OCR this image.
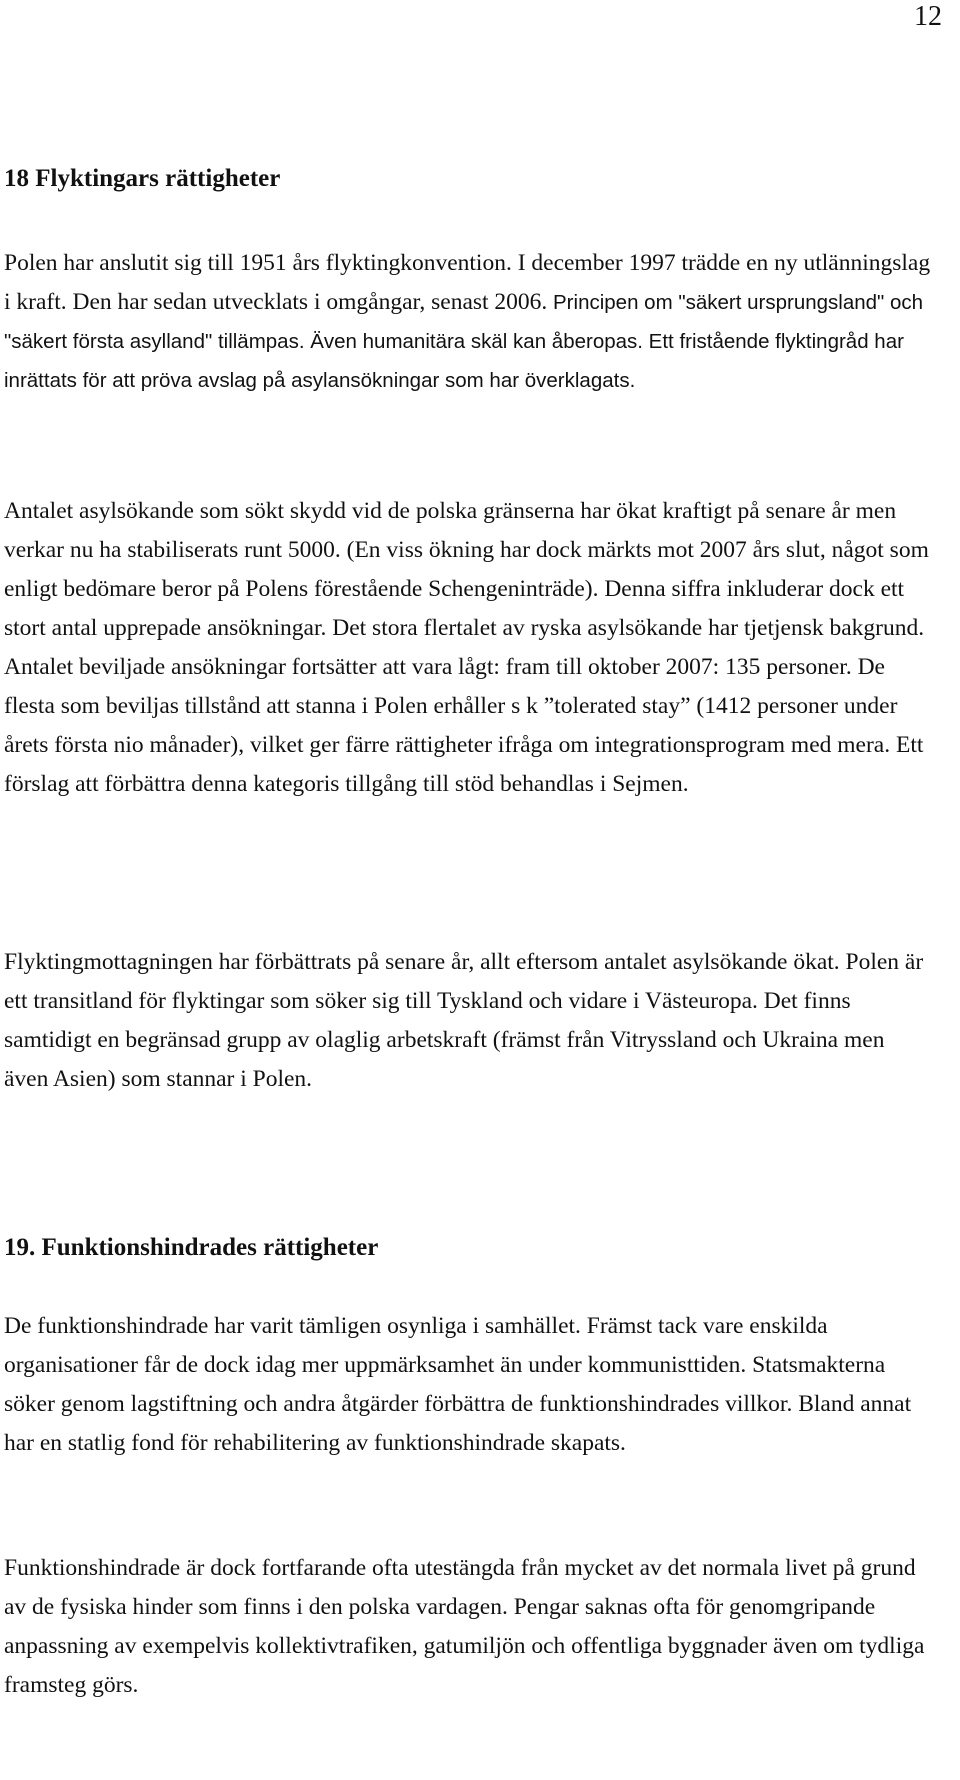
12
18 Flyktingars rättigheter

Polen har anslutit sig till 1951 års flyktingkonvention. I december 1997 trädde en ny utlänningslag i kraft. Den har sedan utvecklats i omgångar, senast 2006. Principen om "säkert ursprungsland" och "säkert första asylland" tillämpas. Även humanitära skäl kan åberopas. Ett fristående flyktingråd har inrättats för att pröva avslag på asylansökningar som har överklagats.

Antalet asylsökande som sökt skydd vid de polska gränserna har ökat kraftigt på senare år men verkar nu ha stabiliserats runt 5000. (En viss ökning har dock märkts mot 2007 års slut, något som enligt bedömare beror på Polens förestående Schengeninträde). Denna siffra inkluderar dock ett stort antal upprepade ansökningar. Det stora flertalet av ryska asylsökande har tjetjensk bakgrund. Antalet beviljade ansökningar fortsätter att vara lågt: fram till oktober 2007: 135 personer. De flesta som beviljas tillstånd att stanna i Polen erhåller s k ”tolerated stay” (1412 personer under årets första nio månader), vilket ger färre rättigheter ifråga om integrationsprogram med mera. Ett förslag att förbättra denna kategoris tillgång till stöd behandlas i Sejmen.

Flyktingmottagningen har förbättrats på senare år, allt eftersom antalet asylsökande ökat. Polen är ett transitland för flyktingar som söker sig till Tyskland och vidare i Västeuropa. Det finns samtidigt en begränsad grupp av olaglig arbetskraft (främst från Vitryssland och Ukraina men även Asien) som stannar i Polen.

19. Funktionshindrades rättigheter

De funktionshindrade har varit tämligen osynliga i samhället. Främst tack vare enskilda organisationer får de dock idag mer uppmärksamhet än under kommunisttiden. Statsmakterna söker genom lagstiftning och andra åtgärder förbättra de funktionshindrades villkor. Bland annat har en statlig fond för rehabilitering av funktionshindrade skapats.

Funktionshindrade är dock fortfarande ofta utestängda från mycket av det normala livet på grund av de fysiska hinder som finns i den polska vardagen. Pengar saknas ofta för genomgripande anpassning av exempelvis kollektivtrafiken, gatumiljön och offentliga byggnader även om tydliga framsteg görs.
